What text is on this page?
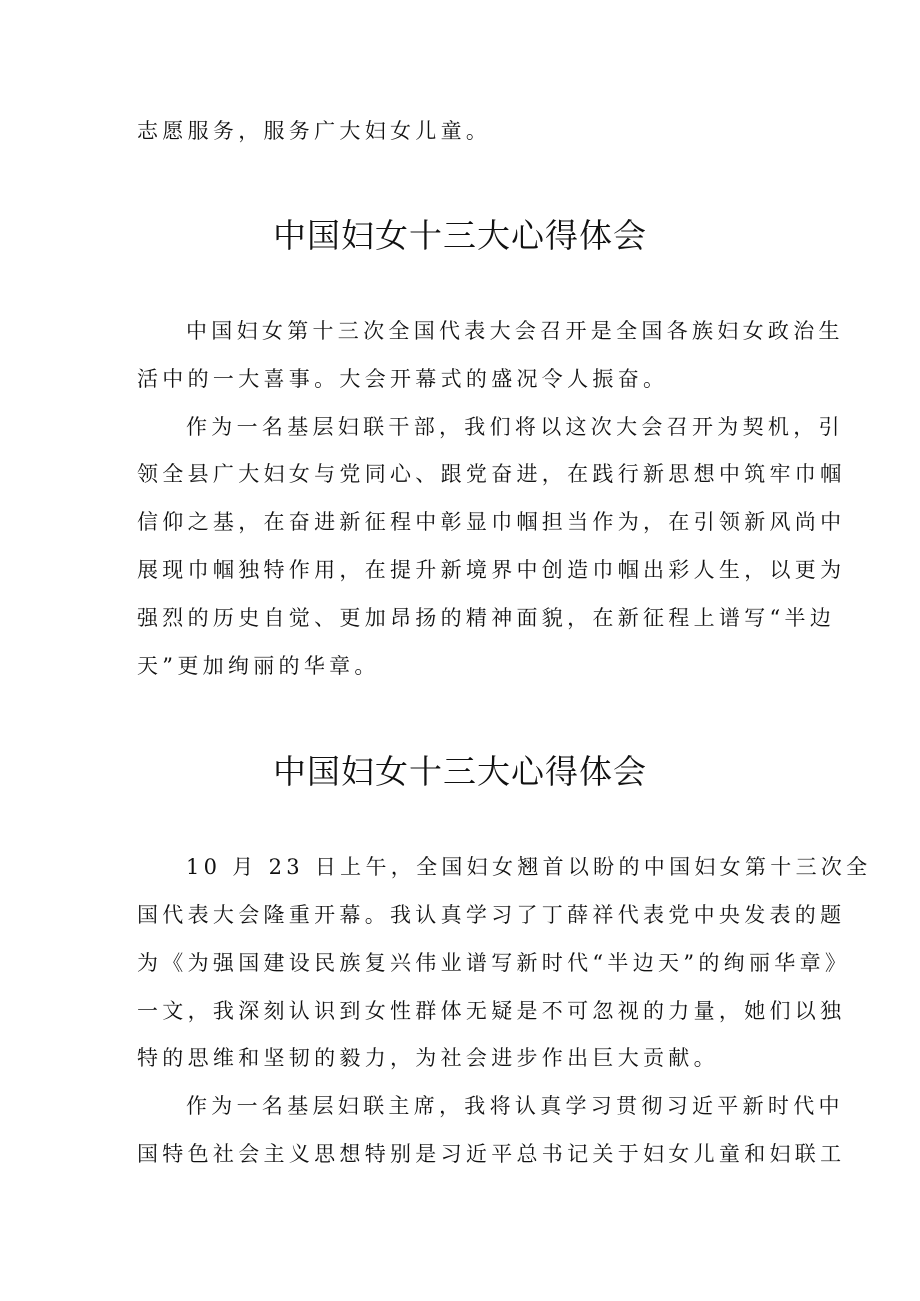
志愿服务，服务广大妇女儿童。
中国妇女十三大心得体会
中国妇女第十三次全国代表大会召开是全国各族妇女政治生
活中的一大喜事。大会开幕式的盛况令人振奋。
作为一名基层妇联干部，我们将以这次大会召开为契机，引
领全县广大妇女与党同心、跟党奋进，在践行新思想中筑牢巾帼
信仰之基，在奋进新征程中彰显巾帼担当作为，在引领新风尚中
展现巾帼独特作用，在提升新境界中创造巾帼出彩人生，以更为
强烈的历史自觉、更加昂扬的精神面貌，在新征程上谱写“半边
天”更加绚丽的华章。
中国妇女十三大心得体会
10 月 23 日上午，全国妇女翘首以盼的中国妇女第十三次全
国代表大会隆重开幕。我认真学习了丁薛祥代表党中央发表的题
为《为强国建设民族复兴伟业谱写新时代“半边天”的绚丽华章》
一文，我深刻认识到女性群体无疑是不可忽视的力量，她们以独
特的思维和坚韧的毅力，为社会进步作出巨大贡献。
作为一名基层妇联主席，我将认真学习贯彻习近平新时代中
国特色社会主义思想特别是习近平总书记关于妇女儿童和妇联工
